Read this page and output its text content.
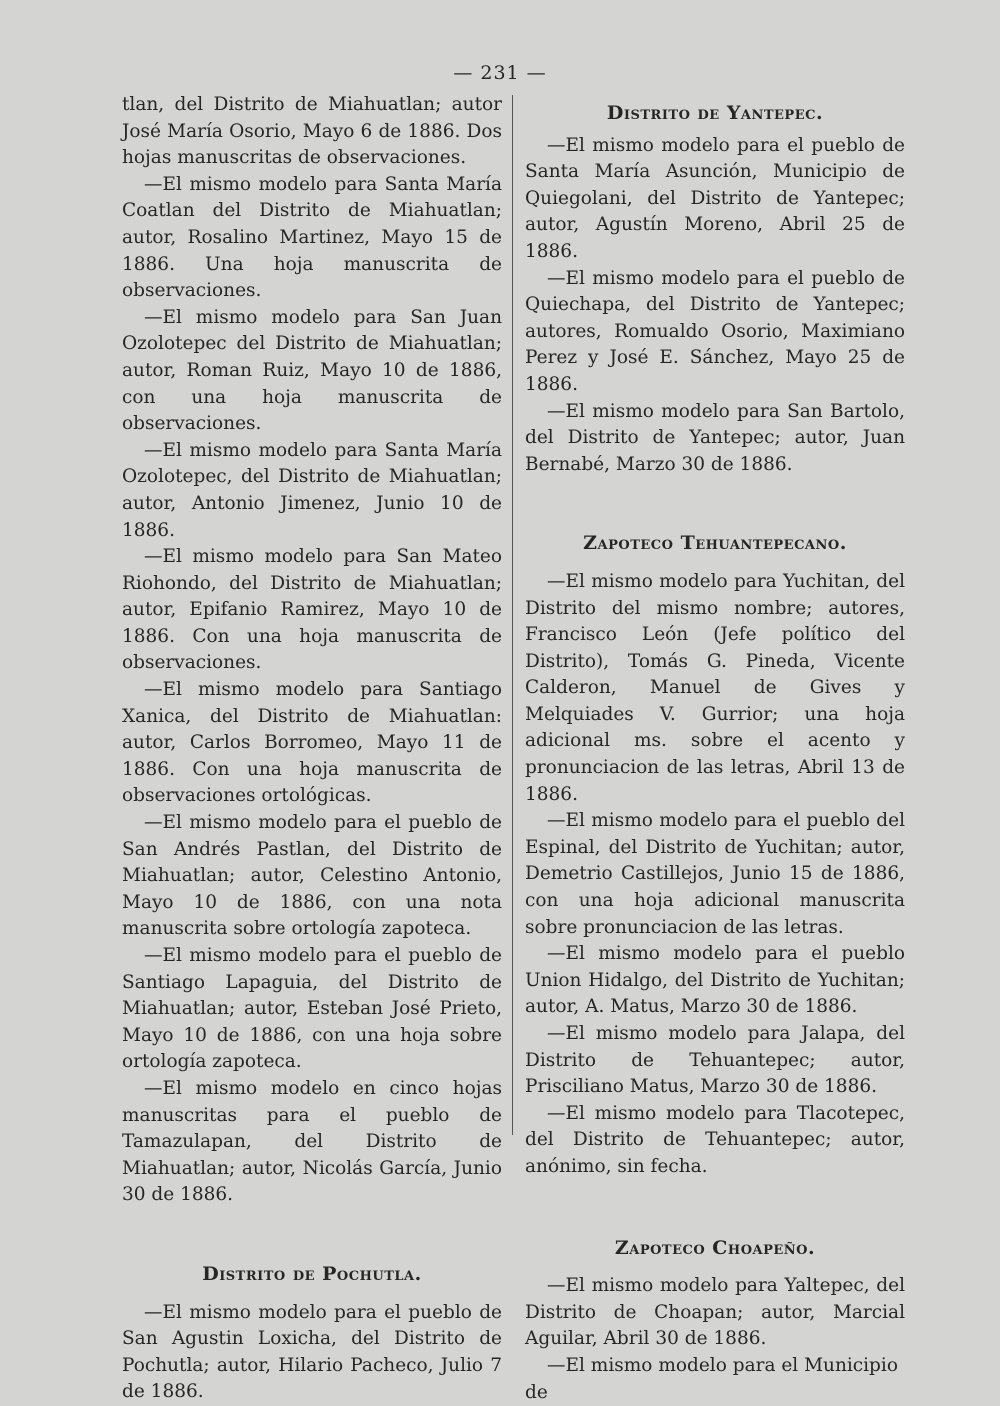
— 231 —

tlan, del Distrito de Miahuatlan; autor José María Osorio, Mayo 6 de 1886. Dos hojas manuscritas de observaciones.

—El mismo modelo para Santa María Coatlan del Distrito de Miahuatlan; autor, Rosalino Martinez, Mayo 15 de 1886. Una hoja manuscrita de observaciones.

—El mismo modelo para San Juan Ozolotepec del Distrito de Miahuatlan; autor, Roman Ruiz, Mayo 10 de 1886, con una hoja manuscrita de observaciones.

—El mismo modelo para Santa María Ozolotepec, del Distrito de Miahuatlan; autor, Antonio Jimenez, Junio 10 de 1886.

—El mismo modelo para San Mateo Riohondo, del Distrito de Miahuatlan; autor, Epifanio Ramirez, Mayo 10 de 1886. Con una hoja manuscrita de observaciones.

—El mismo modelo para Santiago Xanica, del Distrito de Miahuatlan: autor, Carlos Borromeo, Mayo 11 de 1886. Con una hoja manuscrita de observaciones ortológicas.

—El mismo modelo para el pueblo de San Andrés Pastlan, del Distrito de Miahuatlan; autor, Celestino Antonio, Mayo 10 de 1886, con una nota manuscrita sobre ortología zapoteca.

—El mismo modelo para el pueblo de Santiago Lapaguia, del Distrito de Miahuatlan; autor, Esteban José Prieto, Mayo 10 de 1886, con una hoja sobre ortología zapoteca.

—El mismo modelo en cinco hojas manuscritas para el pueblo de Tamazulapan, del Distrito de Miahuatlan; autor, Nicolás García, Junio 30 de 1886.

Distrito de Pochutla.

—El mismo modelo para el pueblo de San Agustin Loxicha, del Distrito de Pochutla; autor, Hilario Pacheco, Julio 7 de 1886.

Distrito de Yantepec.

—El mismo modelo para el pueblo de Santa María Asunción, Municipio de Quiegolani, del Distrito de Yantepec; autor, Agustín Moreno, Abril 25 de 1886.

—El mismo modelo para el pueblo de Quiechapa, del Distrito de Yantepec; autores, Romualdo Osorio, Maximiano Perez y José E. Sánchez, Mayo 25 de 1886.

—El mismo modelo para San Bartolo, del Distrito de Yantepec; autor, Juan Bernabé, Marzo 30 de 1886.

Zapoteco Tehuantepecano.

—El mismo modelo para Yuchitan, del Distrito del mismo nombre; autores, Francisco León (Jefe político del Distrito), Tomás G. Pineda, Vicente Calderon, Manuel de Gives y Melquiades V. Gurrior; una hoja adicional ms. sobre el acento y pronunciacion de las letras, Abril 13 de 1886.

—El mismo modelo para el pueblo del Espinal, del Distrito de Yuchitan; autor, Demetrio Castillejos, Junio 15 de 1886, con una hoja adicional manuscrita sobre pronunciacion de las letras.

—El mismo modelo para el pueblo Union Hidalgo, del Distrito de Yuchitan; autor, A. Matus, Marzo 30 de 1886.

—El mismo modelo para Jalapa, del Distrito de Tehuantepec; autor, Prisciliano Matus, Marzo 30 de 1886.

—El mismo modelo para Tlacotepec, del Distrito de Tehuantepec; autor, anónimo, sin fecha.

Zapoteco Choapeño.

—El mismo modelo para Yaltepec, del Distrito de Choapan; autor, Marcial Aguilar, Abril 30 de 1886.

—El mismo modelo para el Municipio de
